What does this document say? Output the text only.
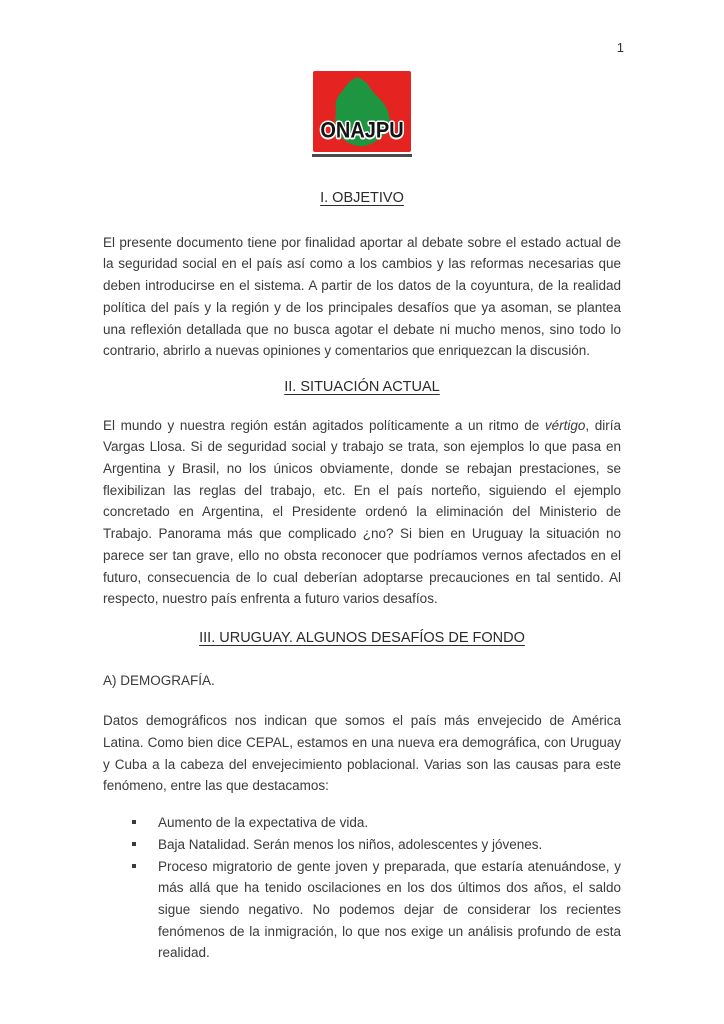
1
ONAJPU
I. OBJETIVO

El presente documento tiene por finalidad aportar al debate sobre el estado actual de la seguridad social en el país así como a los cambios y las reformas necesarias que deben introducirse en el sistema. A partir de los datos de la coyuntura, de la realidad política del país y la región y de los principales desafíos que ya asoman, se plantea una reflexión detallada que no busca agotar el debate ni mucho menos, sino todo lo contrario, abrirlo a nuevas opiniones y comentarios que enriquezcan la discusión.

II. SITUACIÓN ACTUAL

El mundo y nuestra región están agitados políticamente a un ritmo de vértigo, diría Vargas Llosa. Si de seguridad social y trabajo se trata, son ejemplos lo que pasa en Argentina y Brasil, no los únicos obviamente, donde se rebajan prestaciones, se flexibilizan las reglas del trabajo, etc. En el país norteño, siguiendo el ejemplo concretado en Argentina, el Presidente ordenó la eliminación del Ministerio de Trabajo. Panorama más que complicado ¿no? Si bien en Uruguay la situación no parece ser tan grave, ello no obsta reconocer que podríamos vernos afectados en el futuro, consecuencia de lo cual deberían adoptarse precauciones en tal sentido. Al respecto, nuestro país enfrenta a futuro varios desafíos.

III. URUGUAY. ALGUNOS DESAFÍOS DE FONDO
A) DEMOGRAFÍA.

Datos demográficos nos indican que somos el país más envejecido de América Latina. Como bien dice CEPAL, estamos en una nueva era demográfica, con Uruguay y Cuba a la cabeza del envejecimiento poblacional. Varias son las causas para este fenómeno, entre las que destacamos:

Aumento de la expectativa de vida.
Baja Natalidad. Serán menos los niños, adolescentes y jóvenes.
Proceso migratorio de gente joven y preparada, que estaría atenuándose, y más allá que ha tenido oscilaciones en los dos últimos dos años, el saldo sigue siendo negativo. No podemos dejar de considerar los recientes fenómenos de la inmigración, lo que nos exige un análisis profundo de esta realidad.
